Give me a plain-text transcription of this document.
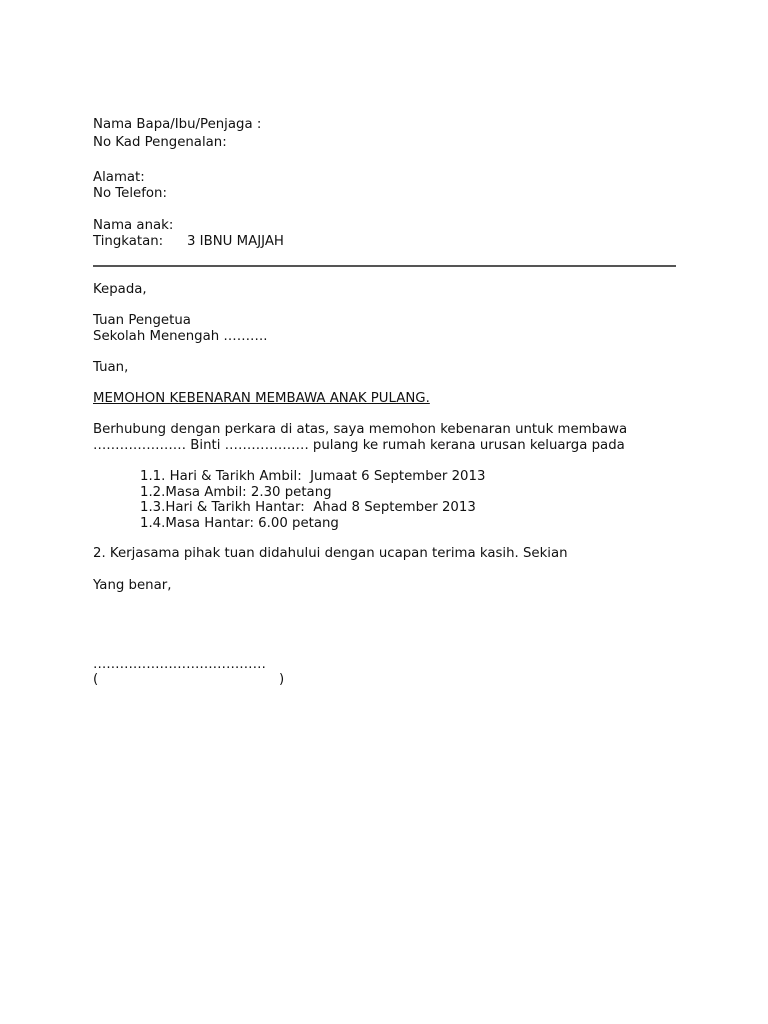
Nama Bapa/Ibu/Penjaga :
No Kad Pengenalan:
Alamat:
No Telefon:
Nama anak:
Tingkatan: 3 IBNU MAJJAH
Kepada,
Tuan Pengetua
Sekolah Menengah ……….
Tuan,
MEMOHON KEBENARAN MEMBAWA ANAK PULANG.
Berhubung dengan perkara di atas, saya memohon kebenaran untuk membawa
………………… Binti ………………. pulang ke rumah kerana urusan keluarga pada
1.1. Hari & Tarikh Ambil:  Jumaat 6 September 2013
1.2.Masa Ambil: 2.30 petang
1.3.Hari & Tarikh Hantar:  Ahad 8 September 2013
1.4.Masa Hantar: 6.00 petang
2. Kerjasama pihak tuan didahului dengan ucapan terima kasih. Sekian
Yang benar,
…………………………………
(	)
